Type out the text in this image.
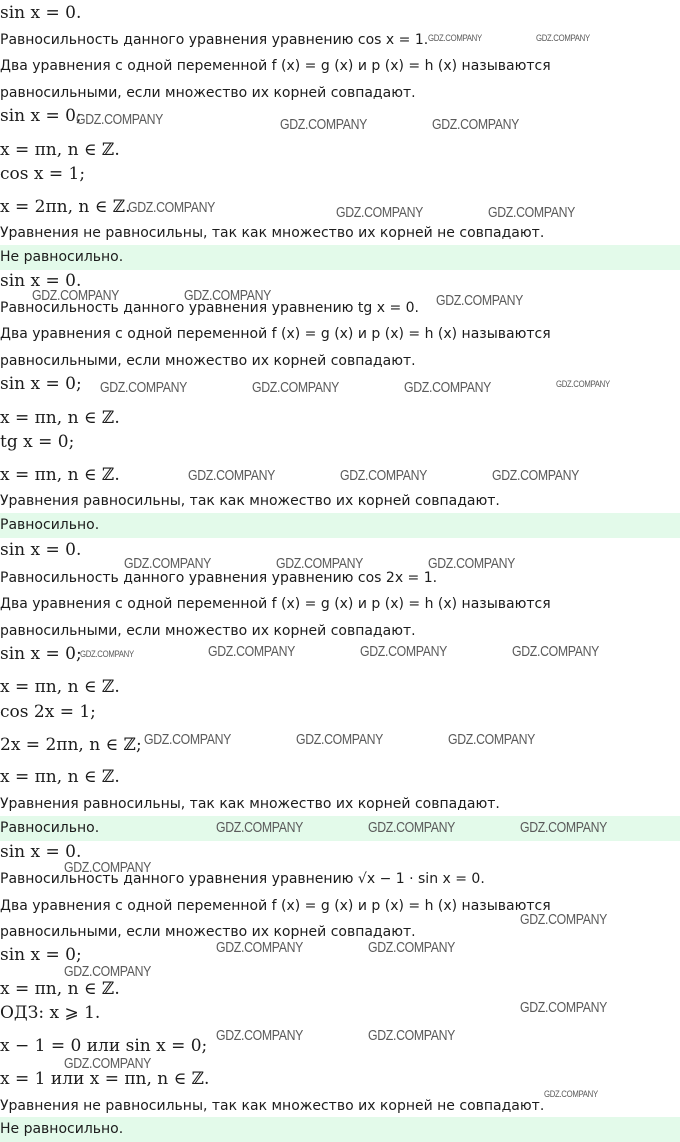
sin x = 0.
Равносильность данного уравнения уравнению cos x = 1.
Два уравнения с одной переменной f (x) = g (x) и p (x) = h (x) называются
равносильными, если множество их корней совпадают.
sin x = 0;
x = πn, n ∈ ℤ.
cos x = 1;
x = 2πn, n ∈ ℤ.
Уравнения не равносильны, так как множество их корней не совпадают.
Не равносильно.
sin x = 0.
Равносильность данного уравнения уравнению tg x = 0.
Два уравнения с одной переменной f (x) = g (x) и p (x) = h (x) называются
равносильными, если множество их корней совпадают.
sin x = 0;
x = πn, n ∈ ℤ.
tg x = 0;
x = πn, n ∈ ℤ.
Уравнения равносильны, так как множество их корней совпадают.
Равносильно.
sin x = 0.
Равносильность данного уравнения уравнению cos 2x = 1.
Два уравнения с одной переменной f (x) = g (x) и p (x) = h (x) называются
равносильными, если множество их корней совпадают.
sin x = 0;
x = πn, n ∈ ℤ.
cos 2x = 1;
2x = 2πn, n ∈ ℤ;
x = πn, n ∈ ℤ.
Уравнения равносильны, так как множество их корней совпадают.
Равносильно.
sin x = 0.
Равносильность данного уравнения уравнению √x − 1 · sin x = 0.
Два уравнения с одной переменной f (x) = g (x) и p (x) = h (x) называются
равносильными, если множество их корней совпадают.
sin x = 0;
x = πn, n ∈ ℤ.
ОДЗ: x ⩾ 1.
x − 1 = 0 или sin x = 0;
x = 1 или x = πn, n ∈ ℤ.
Уравнения не равносильны, так как множество их корней не совпадают.
Не равносильно.
GDZ.COMPANY	GDZ.COMPANY
GDZ.COMPANY	GDZ.COMPANY	GDZ.COMPANY
GDZ.COMPANY	GDZ.COMPANY	GDZ.COMPANY
GDZ.COMPANY	GDZ.COMPANY	GDZ.COMPANY
GDZ.COMPANY	GDZ.COMPANY	GDZ.COMPANY	GDZ.COMPANY
GDZ.COMPANY	GDZ.COMPANY	GDZ.COMPANY
GDZ.COMPANY	GDZ.COMPANY	GDZ.COMPANY
GDZ.COMPANY	GDZ.COMPANY	GDZ.COMPANY	GDZ.COMPANY
GDZ.COMPANY	GDZ.COMPANY	GDZ.COMPANY
GDZ.COMPANY	GDZ.COMPANY	GDZ.COMPANY
GDZ.COMPANY
GDZ.COMPANY
GDZ.COMPANY	GDZ.COMPANY
GDZ.COMPANY
GDZ.COMPANY
GDZ.COMPANY	GDZ.COMPANY
GDZ.COMPANY
GDZ.COMPANY
